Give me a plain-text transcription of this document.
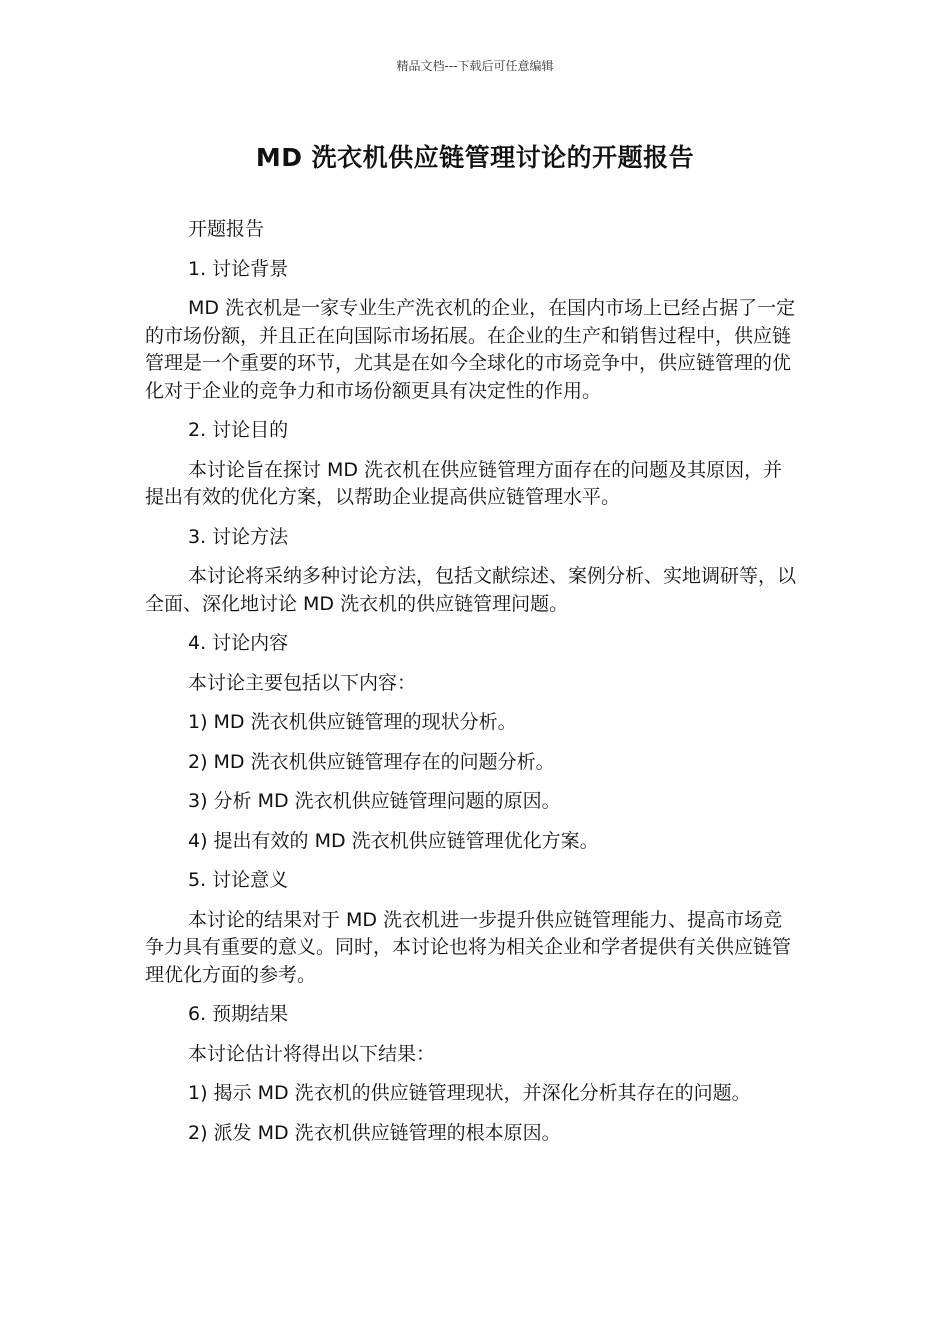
精品文档---下载后可任意编辑
MD 洗衣机供应链管理讨论的开题报告

开题报告

1. 讨论背景

MD 洗衣机是一家专业生产洗衣机的企业，在国内市场上已经占据了一定的市场份额，并且正在向国际市场拓展。在企业的生产和销售过程中，供应链管理是一个重要的环节，尤其是在如今全球化的市场竞争中，供应链管理的优化对于企业的竞争力和市场份额更具有决定性的作用。

2. 讨论目的

本讨论旨在探讨 MD 洗衣机在供应链管理方面存在的问题及其原因，并提出有效的优化方案，以帮助企业提高供应链管理水平。

3. 讨论方法

本讨论将采纳多种讨论方法，包括文献综述、案例分析、实地调研等，以全面、深化地讨论 MD 洗衣机的供应链管理问题。

4. 讨论内容

本讨论主要包括以下内容：

1) MD 洗衣机供应链管理的现状分析。

2) MD 洗衣机供应链管理存在的问题分析。

3) 分析 MD 洗衣机供应链管理问题的原因。

4) 提出有效的 MD 洗衣机供应链管理优化方案。

5. 讨论意义

本讨论的结果对于 MD 洗衣机进一步提升供应链管理能力、提高市场竞争力具有重要的意义。同时，本讨论也将为相关企业和学者提供有关供应链管理优化方面的参考。

6. 预期结果

本讨论估计将得出以下结果：

1) 揭示 MD 洗衣机的供应链管理现状，并深化分析其存在的问题。

2) 派发 MD 洗衣机供应链管理的根本原因。
